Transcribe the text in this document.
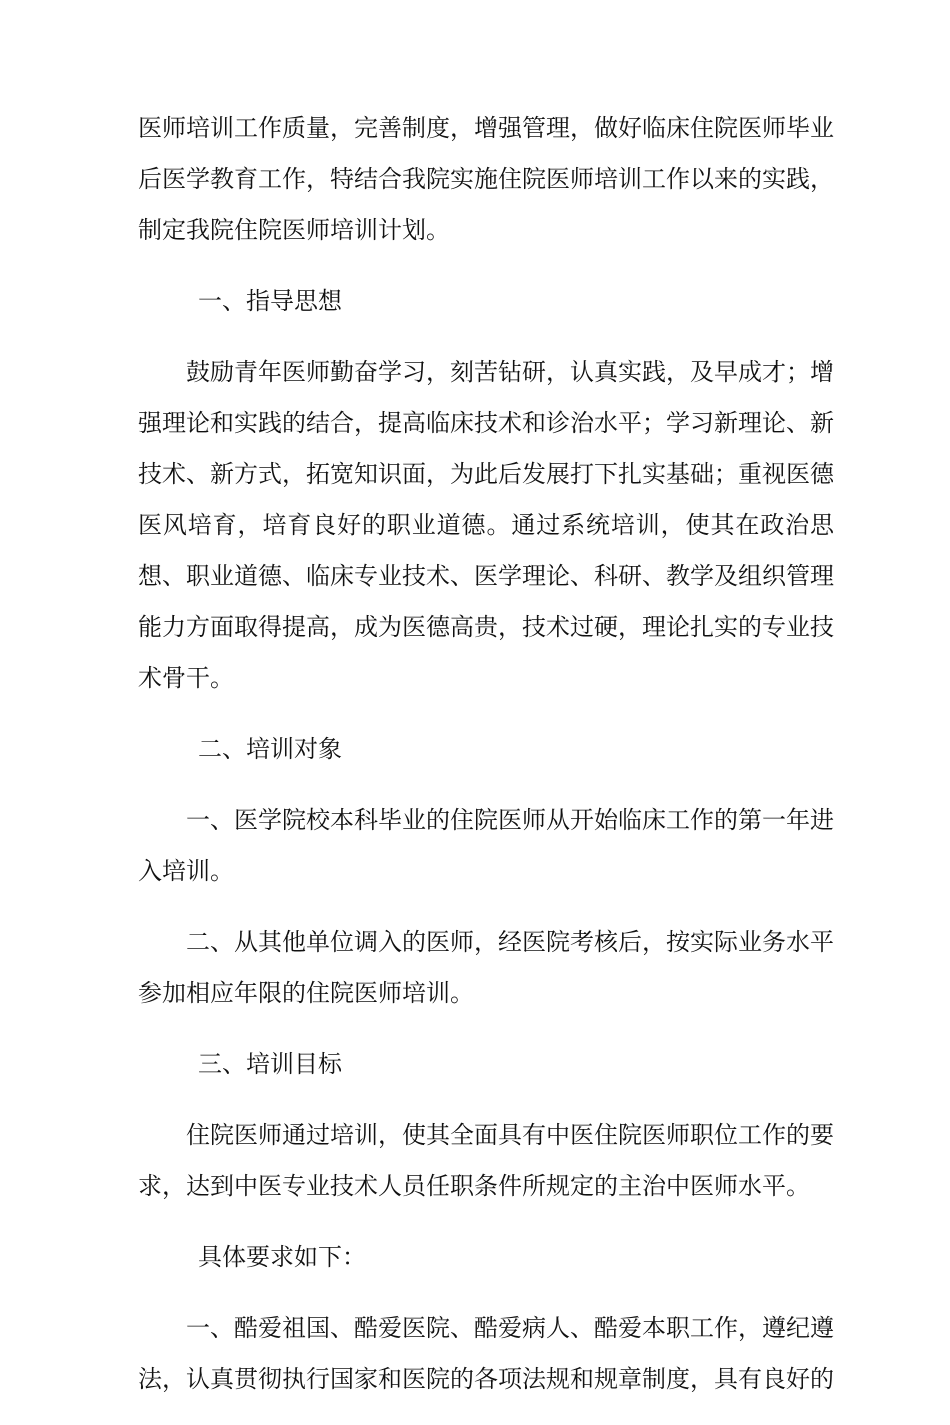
医师培训工作质量，完善制度，增强管理，做好临床住院医师毕业后医学教育工作，特结合我院实施住院医师培训工作以来的实践，制定我院住院医师培训计划。

一、指导思想

鼓励青年医师勤奋学习，刻苦钻研，认真实践，及早成才；增强理论和实践的结合，提高临床技术和诊治水平；学习新理论、新技术、新方式，拓宽知识面，为此后发展打下扎实基础；重视医德医风培育，培育良好的职业道德。通过系统培训，使其在政治思想、职业道德、临床专业技术、医学理论、科研、教学及组织管理能力方面取得提高，成为医德高贵，技术过硬，理论扎实的专业技术骨干。

二、培训对象

一、医学院校本科毕业的住院医师从开始临床工作的第一年进入培训。

二、从其他单位调入的医师，经医院考核后，按实际业务水平参加相应年限的住院医师培训。

三、培训目标

住院医师通过培训，使其全面具有中医住院医师职位工作的要求，达到中医专业技术人员任职条件所规定的主治中医师水平。

具体要求如下：

一、酷爱祖国、酷爱医院、酷爱病人、酷爱本职工作，遵纪遵法，认真贯彻执行国家和医院的各项法规和规章制度，具有良好的
